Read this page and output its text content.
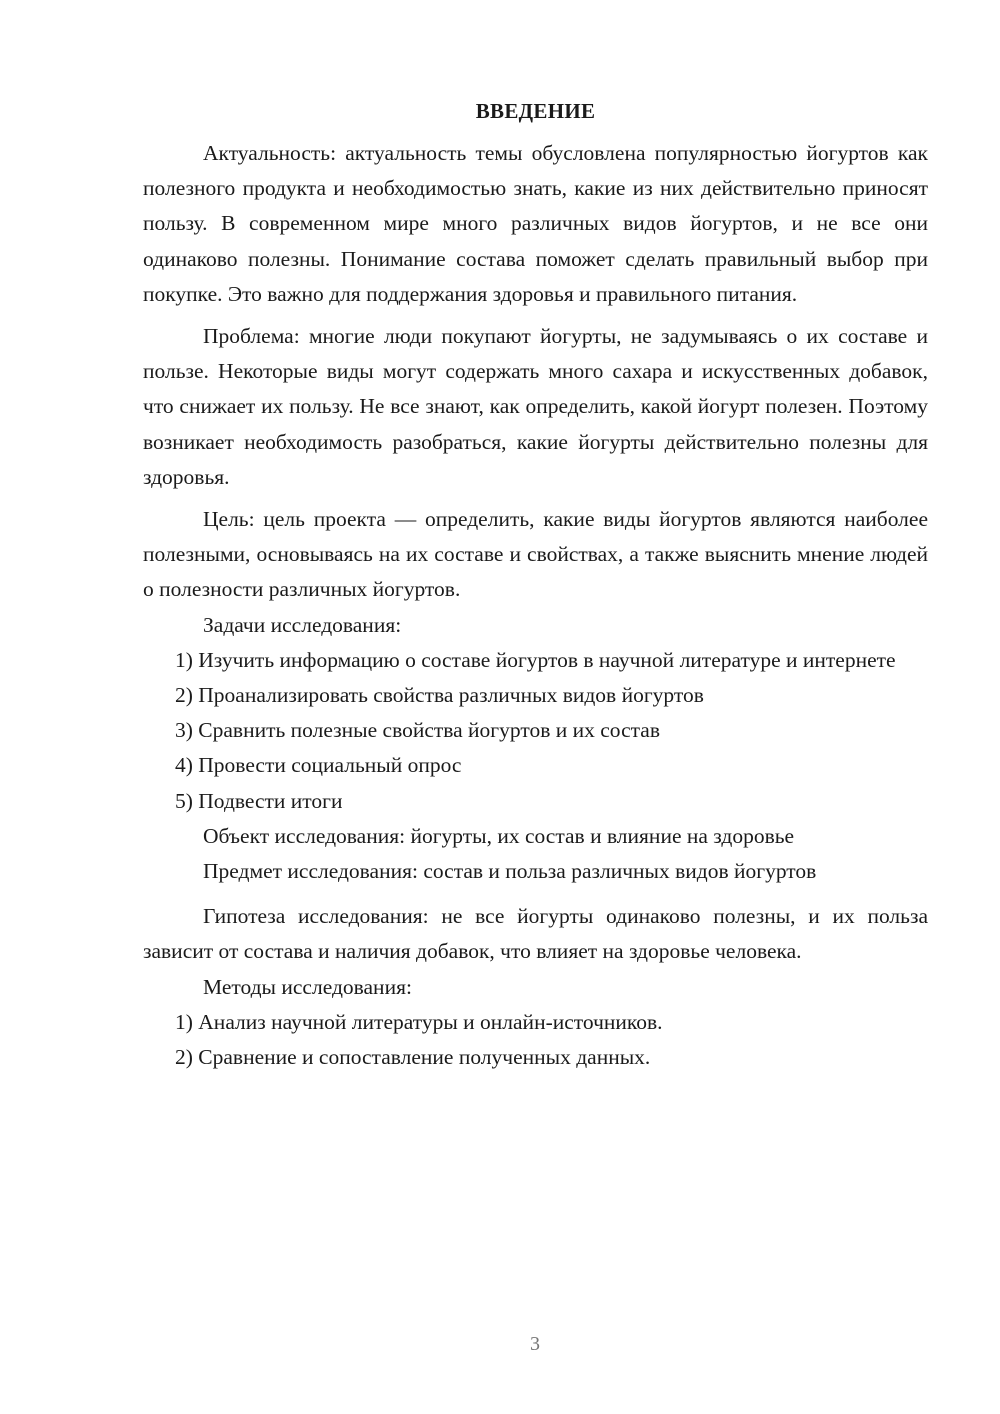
ВВЕДЕНИЕ

Актуальность: актуальность темы обусловлена популярностью йогуртов как полезного продукта и необходимостью знать, какие из них действительно приносят пользу. В современном мире много различных видов йогуртов, и не все они одинаково полезны. Понимание состава поможет сделать правильный выбор при покупке. Это важно для поддержания здоровья и правильного питания.

Проблема: многие люди покупают йогурты, не задумываясь о их составе и пользе. Некоторые виды могут содержать много сахара и искусственных добавок, что снижает их пользу. Не все знают, как определить, какой йогурт полезен. Поэтому возникает необходимость разобраться, какие йогурты действительно полезны для здоровья.

Цель: цель проекта — определить, какие виды йогуртов являются наиболее полезными, основываясь на их составе и свойствах, а также выяснить мнение людей о полезности различных йогуртов.

Задачи исследования:

1) Изучить информацию о составе йогуртов в научной литературе и интернете

2) Проанализировать свойства различных видов йогуртов

3) Сравнить полезные свойства йогуртов и их состав

4) Провести социальный опрос

5) Подвести итоги

Объект исследования: йогурты, их состав и влияние на здоровье

Предмет исследования: состав и польза различных видов йогуртов

Гипотеза исследования: не все йогурты одинаково полезны, и их польза зависит от состава и наличия добавок, что влияет на здоровье человека.

Методы исследования:

1) Анализ научной литературы и онлайн-источников.

2) Сравнение и сопоставление полученных данных.

3
